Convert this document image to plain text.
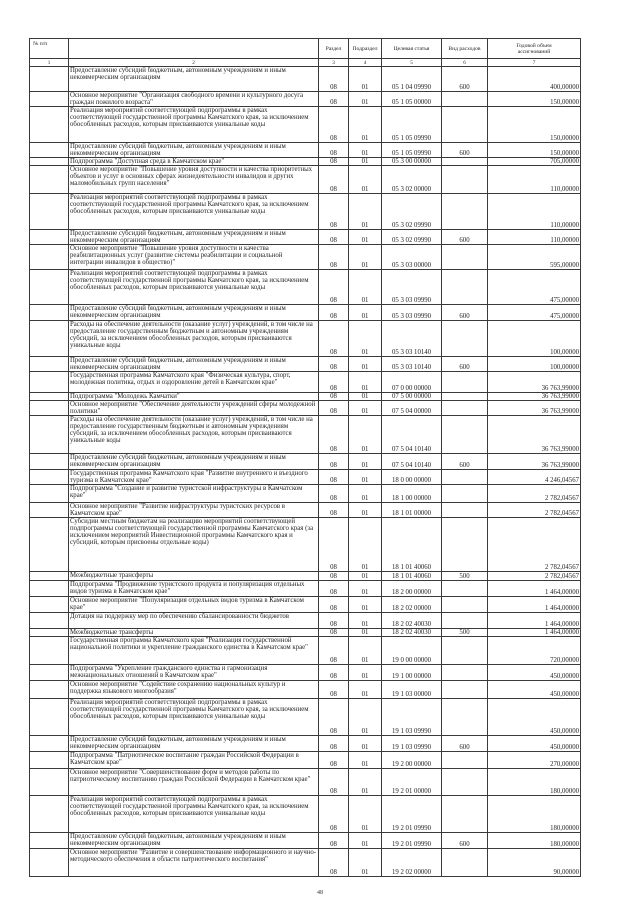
№ п/п		Раздел	Подраздел	Целевая статья	Вид расходов	Годовой объем ассигнований
1	2	3	4	5	6	7
	Предоставление субсидий бюджетным, автономным учреждениям и иным некоммерческим организациям	08	01	05 1 04 09990	600	400,00000
	Основное мероприятие "Организация свободного времени и культурного досуга граждан пожилого возраста"	08	01	05 1 05 00000		150,00000
	Реализация мероприятий соответствующей подпрограммы в рамках соответствующей государственной программы Камчатского края, за исключением обособленных расходов, которым присваиваются уникальные коды	08	01	05 1 05 09990		150,00000
	Предоставление субсидий бюджетным, автономным учреждениям и иным некоммерческим организациям	08	01	05 1 05 09990	600	150,00000
	Подпрограмма "Доступная среда в Камчатском крае"	08	01	05 3 00 00000		705,00000
	Основное мероприятие "Повышение уровня доступности и качества приоритетных объектов и услуг в основных сферах жизнедеятельности инвалидов и других маломобильных групп населения"	08	01	05 3 02 00000		110,00000
	Реализация мероприятий соответствующей подпрограммы в рамках соответствующей государственной программы Камчатского края, за исключением обособленных расходов, которым присваиваются уникальные коды	08	01	05 3 02 09990		110,00000
	Предоставление субсидий бюджетным, автономным учреждениям и иным некоммерческим организациям	08	01	05 3 02 09990	600	110,00000
	Основное мероприятие "Повышение уровня доступности и качества реабилитационных услуг (развитие системы реабилитации и социальной интеграции инвалидов в общество)"	08	01	05 3 03 00000		595,00000
	Реализация мероприятий соответствующей подпрограммы в рамках соответствующей государственной программы Камчатского края, за исключением обособленных расходов, которым присваиваются уникальные коды	08	01	05 3 03 09990		475,00000
	Предоставление субсидий бюджетным, автономным учреждениям и иным некоммерческим организациям	08	01	05 3 03 09990	600	475,00000
	Расходы на обеспечение деятельности (оказание услуг) учреждений, в том числе на предоставление государственным бюджетным и автономным учреждениям субсидий, за исключением обособленных расходов, которым присваиваются уникальные коды	08	01	05 3 03 10140		100,00000
	Предоставление субсидий бюджетным, автономным учреждениям и иным некоммерческим организациям	08	01	05 3 03 10140	600	100,00000
	Государственная программа Камчатского края "Физическая культура, спорт, молодежная политика, отдых и оздоровление детей в Камчатском крае"	08	01	07 0 00 00000		36 763,99000
	Подпрограмма "Молодежь Камчатки"	08	01	07 5 00 00000		36 763,99000
	Основное мероприятие "Обеспечение деятельности учреждений сферы молодежной политики"	08	01	07 5 04 00000		36 763,99000
	Расходы на обеспечение деятельности (оказание услуг) учреждений, в том числе на предоставление государственным бюджетным и автономным учреждениям субсидий, за исключением обособленных расходов, которым присваиваются уникальные коды	08	01	07 5 04 10140		36 763,99000
	Предоставление субсидий бюджетным, автономным учреждениям и иным некоммерческим организациям	08	01	07 5 04 10140	600	36 763,99000
	Государственная программа Камчатского края "Развитие внутреннего и въездного туризма в Камчатском крае"	08	01	18 0 00 00000		4 246,04567
	Подпрограмма "Создание и развитие туристской инфраструктуры в Камчатском крае"	08	01	18 1 00 00000		2 782,04567
	Основное мероприятие "Развитие инфраструктуры туристских ресурсов в Камчатском крае"	08	01	18 1 01 00000		2 782,04567
	Субсидии местным бюджетам на реализацию мероприятий соответствующей подпрограммы соответствующей государственной программы Камчатского края (за исключением мероприятий Инвестиционной программы Камчатского края и субсидий, которым присвоены отдельные коды)	08	01	18 1 01 40060		2 782,04567
	Межбюджетные трансферты	08	01	18 1 01 40060	500	2 782,04567
	Подпрограмма "Продвижение туристского продукта и популяризация отдельных видов туризма в Камчатском крае"	08	01	18 2 00 00000		1 464,00000
	Основное мероприятие "Популяризация отдельных видов туризма в Камчатском крае"	08	01	18 2 02 00000		1 464,00000
	Дотация на поддержку мер по обеспечению сбалансированности бюджетов	08	01	18 2 02 40030		1 464,00000
	Межбюджетные трансферты	08	01	18 2 02 40030	500	1 464,00000
	Государственная программа Камчатского края "Реализация государственной национальной политики и укрепление гражданского единства в Камчатском крае"	08	01	19 0 00 00000		720,00000
	Подпрограмма "Укрепление гражданского единства и гармонизация межнациональных отношений в Камчатском крае"	08	01	19 1 00 00000		450,00000
	Основное мероприятие "Содействие сохранению национальных культур и поддержка языкового многообразия"	08	01	19 1 03 00000		450,00000
	Реализация мероприятий соответствующей подпрограммы в рамках соответствующей государственной программы Камчатского края, за исключением обособленных расходов, которым присваиваются уникальные коды	08	01	19 1 03 09990		450,00000
	Предоставление субсидий бюджетным, автономным учреждениям и иным некоммерческим организациям	08	01	19 1 03 09990	600	450,00000
	Подпрограмма "Патриотическое воспитание граждан Российской Федерации в Камчатском крае"	08	01	19 2 00 00000		270,00000
	Основное мероприятие "Совершенствование форм и методов работы по патриотическому воспитанию граждан Российской Федерации в Камчатском крае"	08	01	19 2 01 00000		180,00000
	Реализация мероприятий соответствующей подпрограммы в рамках соответствующей государственной программы Камчатского края, за исключением обособленных расходов, которым присваиваются уникальные коды	08	01	19 2 01 09990		180,00000
	Предоставление субсидий бюджетным, автономным учреждениям и иным некоммерческим организациям	08	01	19 2 01 09990	600	180,00000
	Основное мероприятие "Развитие и совершенствование информационного и научно-методического обеспечения в области патриотического воспитания"	08	01	19 2 02 00000		90,00000
48
